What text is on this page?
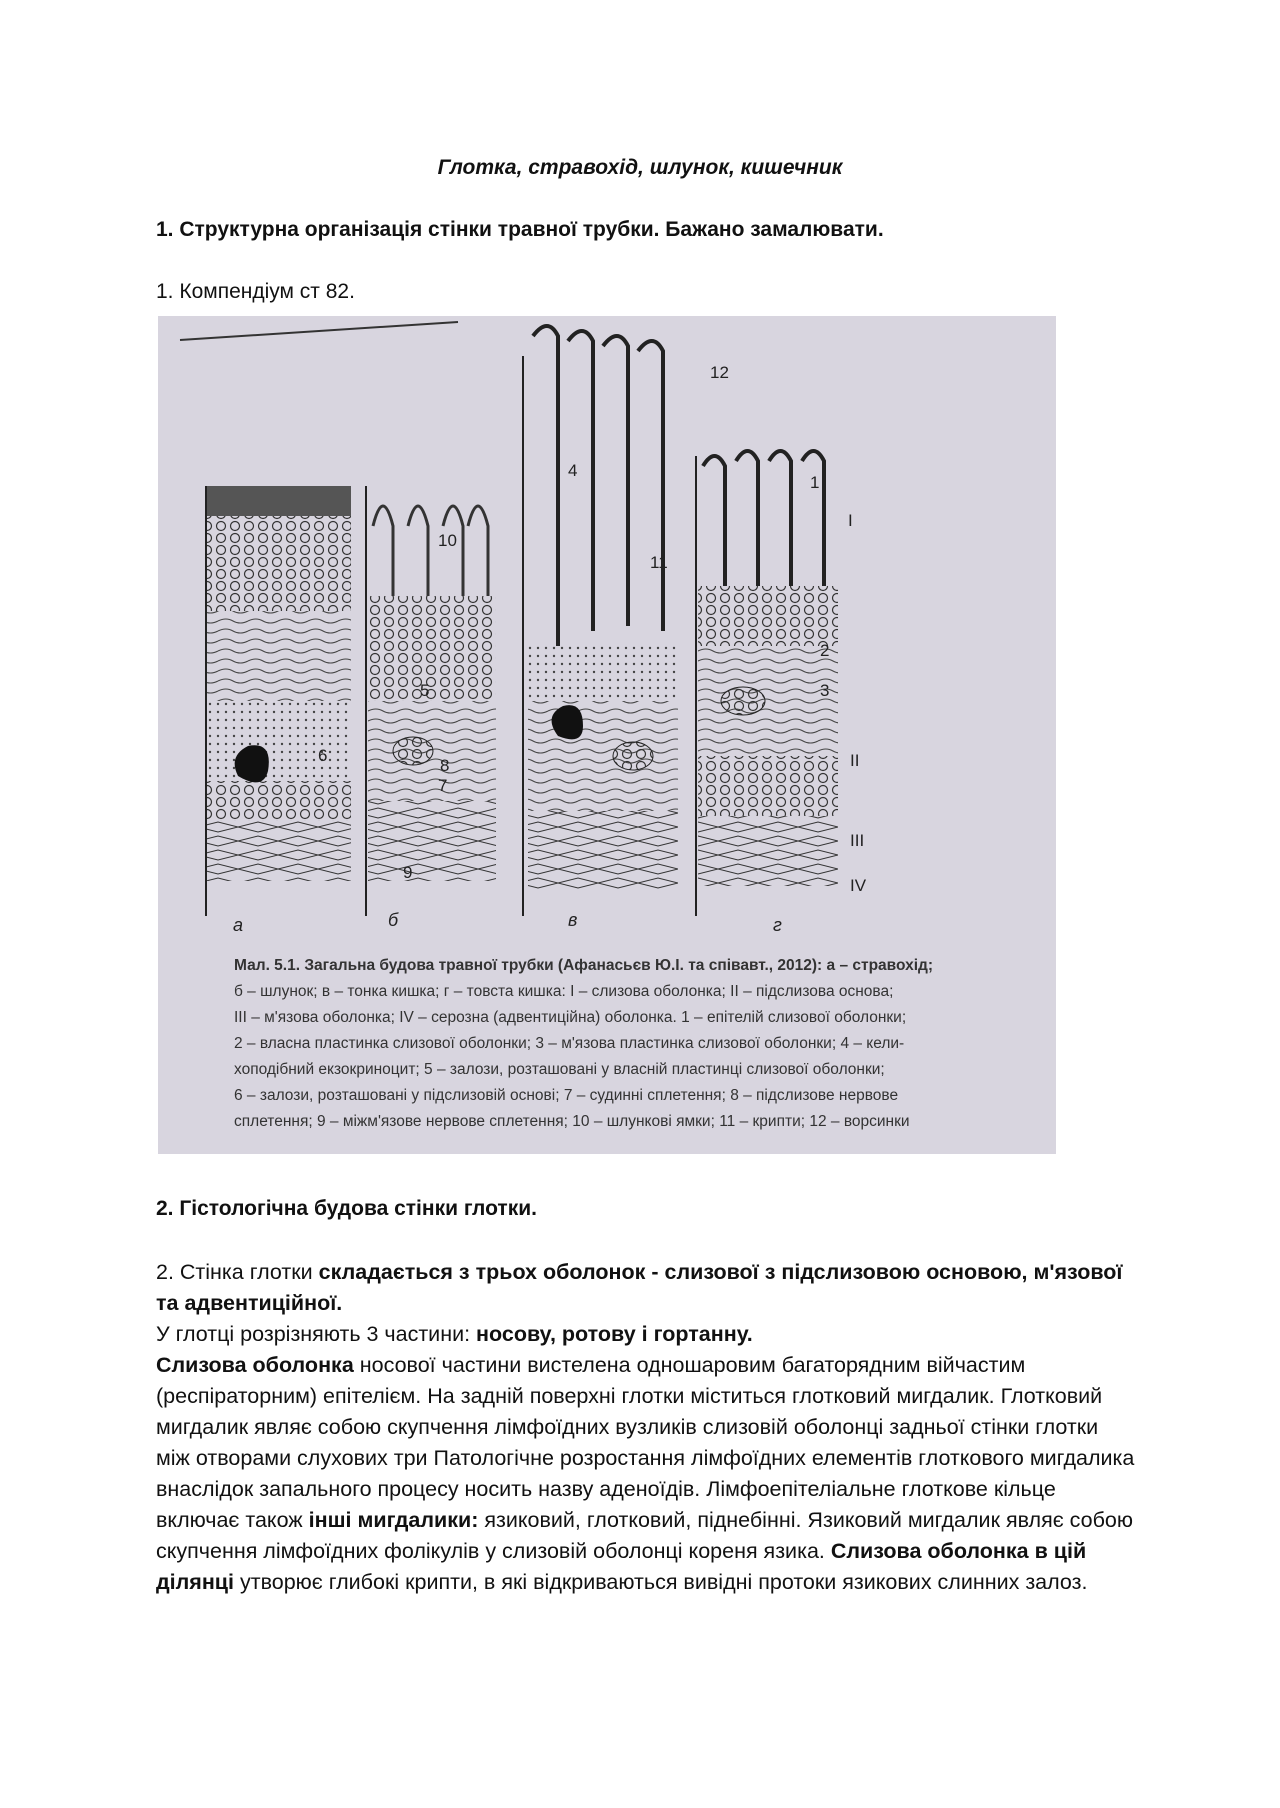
Глотка, стравохід, шлунок, кишечник
1. Структурна організація стінки травної трубки. Бажано замалювати.
1. Компендіум ст 82.
а	б	в	г
1
2
3
4
5
6
7
8
9
10
11
12
I
II
III
IV
Мал. 5.1. Загальна будова травної трубки (Афанасьєв Ю.І. та співавт., 2012): а – стравохід;
б – шлунок; в – тонка кишка; г – товста кишка: I – слизова оболонка; II – підслизова основа;
III – м'язова оболонка; IV – серозна (адвентиційна) оболонка. 1 – епітелій слизової оболонки;
2 – власна пластинка слизової оболонки; 3 – м'язова пластинка слизової оболонки; 4 – кели-
хоподібний екзокриноцит; 5 – залози, розташовані у власній пластинці слизової оболонки;
6 – залози, розташовані у підслизовій основі; 7 – судинні сплетення; 8 – підслизове нервове
сплетення; 9 – міжм'язове нервове сплетення; 10 – шлункові ямки; 11 – крипти; 12 – ворсинки
2. Гістологічна будова стінки глотки.

2. Стінка глотки складається з трьох оболонок - слизової з підслизовою основою, м'язової та адвентиційної.

У глотці розрізняють 3 частини: носову, ротову і гортанну.

Слизова оболонка носової частини вистелена одношаровим багаторядним війчастим (респіраторним) епітелієм. На задній поверхні глотки міститься глотковий мигдалик. Глотковий мигдалик являє собою скупчення лімфоїдних вузликів слизовій оболонці задньої стінки глотки між отворами слухових три Патологічне розростання лімфоїдних елементів глоткового мигдалика внаслідок запального процесу носить назву аденоїдів. Лімфоепітеліальне глоткове кільце включає також інші мигдалики: язиковий, глотковий, піднебінні. Язиковий мигдалик являє собою скупчення лімфоїдних фолікулів у слизовій оболонці кореня язика. Слизова оболонка в цій ділянці утворює глибокі крипти, в які відкриваються вивідні протоки язикових слинних залоз.
